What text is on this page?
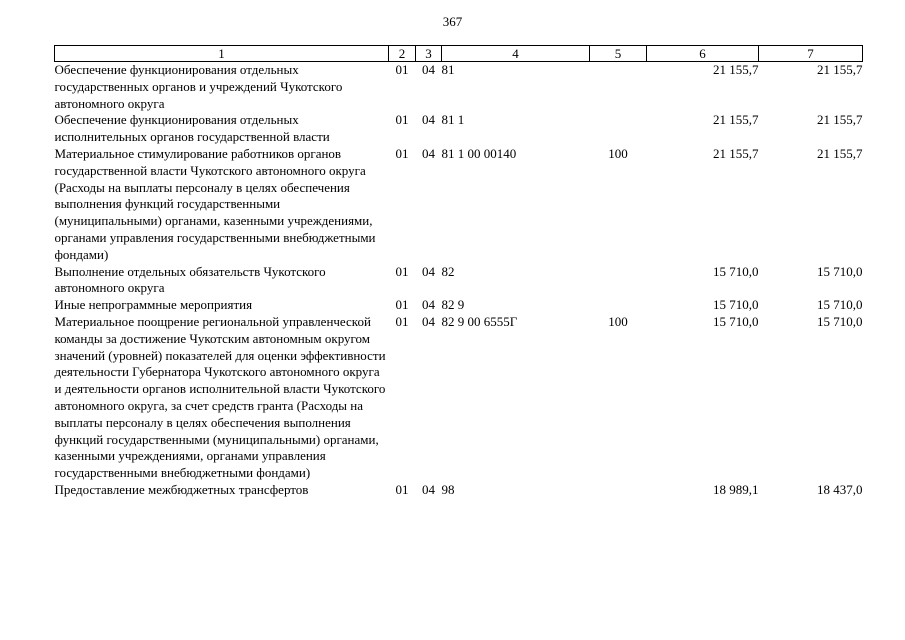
367
1	2	3	4	5	6	7
Обеспечение функционирования отдельных государственных органов и учреждений Чукотского автономного округа	01	04	81		21 155,7	21 155,7
Обеспечение функционирования отдельных исполнительных органов государственной власти	01	04	81 1		21 155,7	21 155,7
Материальное стимулирование работников органов государственной власти Чукотского автономного округа (Расходы на выплаты персоналу в целях обеспечения выполнения функций государственными (муниципальными) органами, казенными учреждениями, органами управления государственными внебюджетными фондами)	01	04	81 1 00 00140	100	21 155,7	21 155,7
Выполнение отдельных обязательств Чукотского автономного округа	01	04	82		15 710,0	15 710,0
Иные непрограммные мероприятия	01	04	82 9		15 710,0	15 710,0
Материальное поощрение региональной управленческой команды за достижение Чукотским автономным округом значений (уровней) показателей для оценки эффективности деятельности Губернатора Чукотского автономного округа и деятельности органов исполнительной власти Чукотского автономного округа, за счет средств гранта (Расходы на выплаты персоналу в целях обеспечения выполнения функций государственными (муниципальными) органами, казенными учреждениями, органами управления государственными внебюджетными фондами)	01	04	82 9 00 6555Г	100	15 710,0	15 710,0
Предоставление межбюджетных трансфертов	01	04	98		18 989,1	18 437,0
